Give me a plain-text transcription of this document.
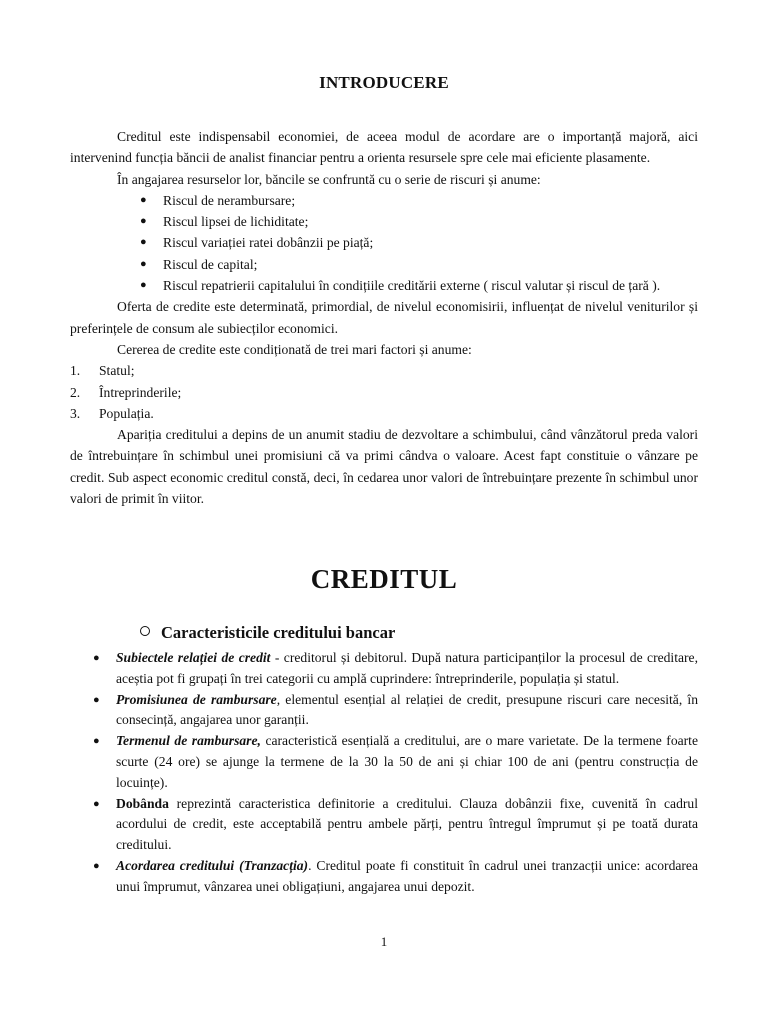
INTRODUCERE

Creditul este indispensabil economiei, de aceea modul de acordare are o importanță majoră, aici intervenind funcția băncii de analist financiar pentru a orienta resursele spre cele mai eficiente plasamente.

În angajarea resurselor lor, băncile se confruntă cu o serie de riscuri și anume:

● Riscul de nerambursare;
● Riscul lipsei de lichiditate;
● Riscul variației ratei dobânzii pe piață;
● Riscul de capital;
● Riscul repatrierii capitalului în condițiile creditării externe ( riscul valutar și riscul de țară ).

Oferta de credite este determinată, primordial, de nivelul economisirii, influențat de nivelul veniturilor și preferințele de consum ale subiecților economici.

Cererea de credite este condiționată de trei mari factori și anume:

1. Statul;
2. Întreprinderile;
3. Populația.

Apariția creditului a depins de un anumit stadiu de dezvoltare a schimbului, când vânzătorul preda valori de întrebuințare în schimbul unei promisiuni că va primi cândva o valoare. Acest fapt constituie o vânzare pe credit. Sub aspect economic creditul constă, deci, în cedarea unor valori de întrebuințare prezente în schimbul unor valori de primit în viitor.

CREDITUL
Caracteristicile creditului bancar
● Subiectele relației de credit - creditorul și debitorul. După natura participanților la procesul de creditare, aceștia pot fi grupați în trei categorii cu amplă cuprindere: întreprinderile, populația și statul.
● Promisiunea de rambursare, elementul esențial al relației de credit, presupune riscuri care necesită, în consecință, angajarea unor garanții.
● Termenul de rambursare, caracteristică esențială a creditului, are o mare varietate. De la termene foarte scurte (24 ore) se ajunge la termene de la 30 la 50 de ani și chiar 100 de ani (pentru construcția de locuințe).
● Dobânda reprezintă caracteristica definitorie a creditului. Clauza dobânzii fixe, cuvenită în cadrul acordului de credit, este acceptabilă pentru ambele părți, pentru întregul împrumut și pe toată durata creditului.
● Acordarea creditului (Tranzacția). Creditul poate fi constituit în cadrul unei tranzacții unice: acordarea unui împrumut, vânzarea unei obligațiuni, angajarea unui depozit.
1
